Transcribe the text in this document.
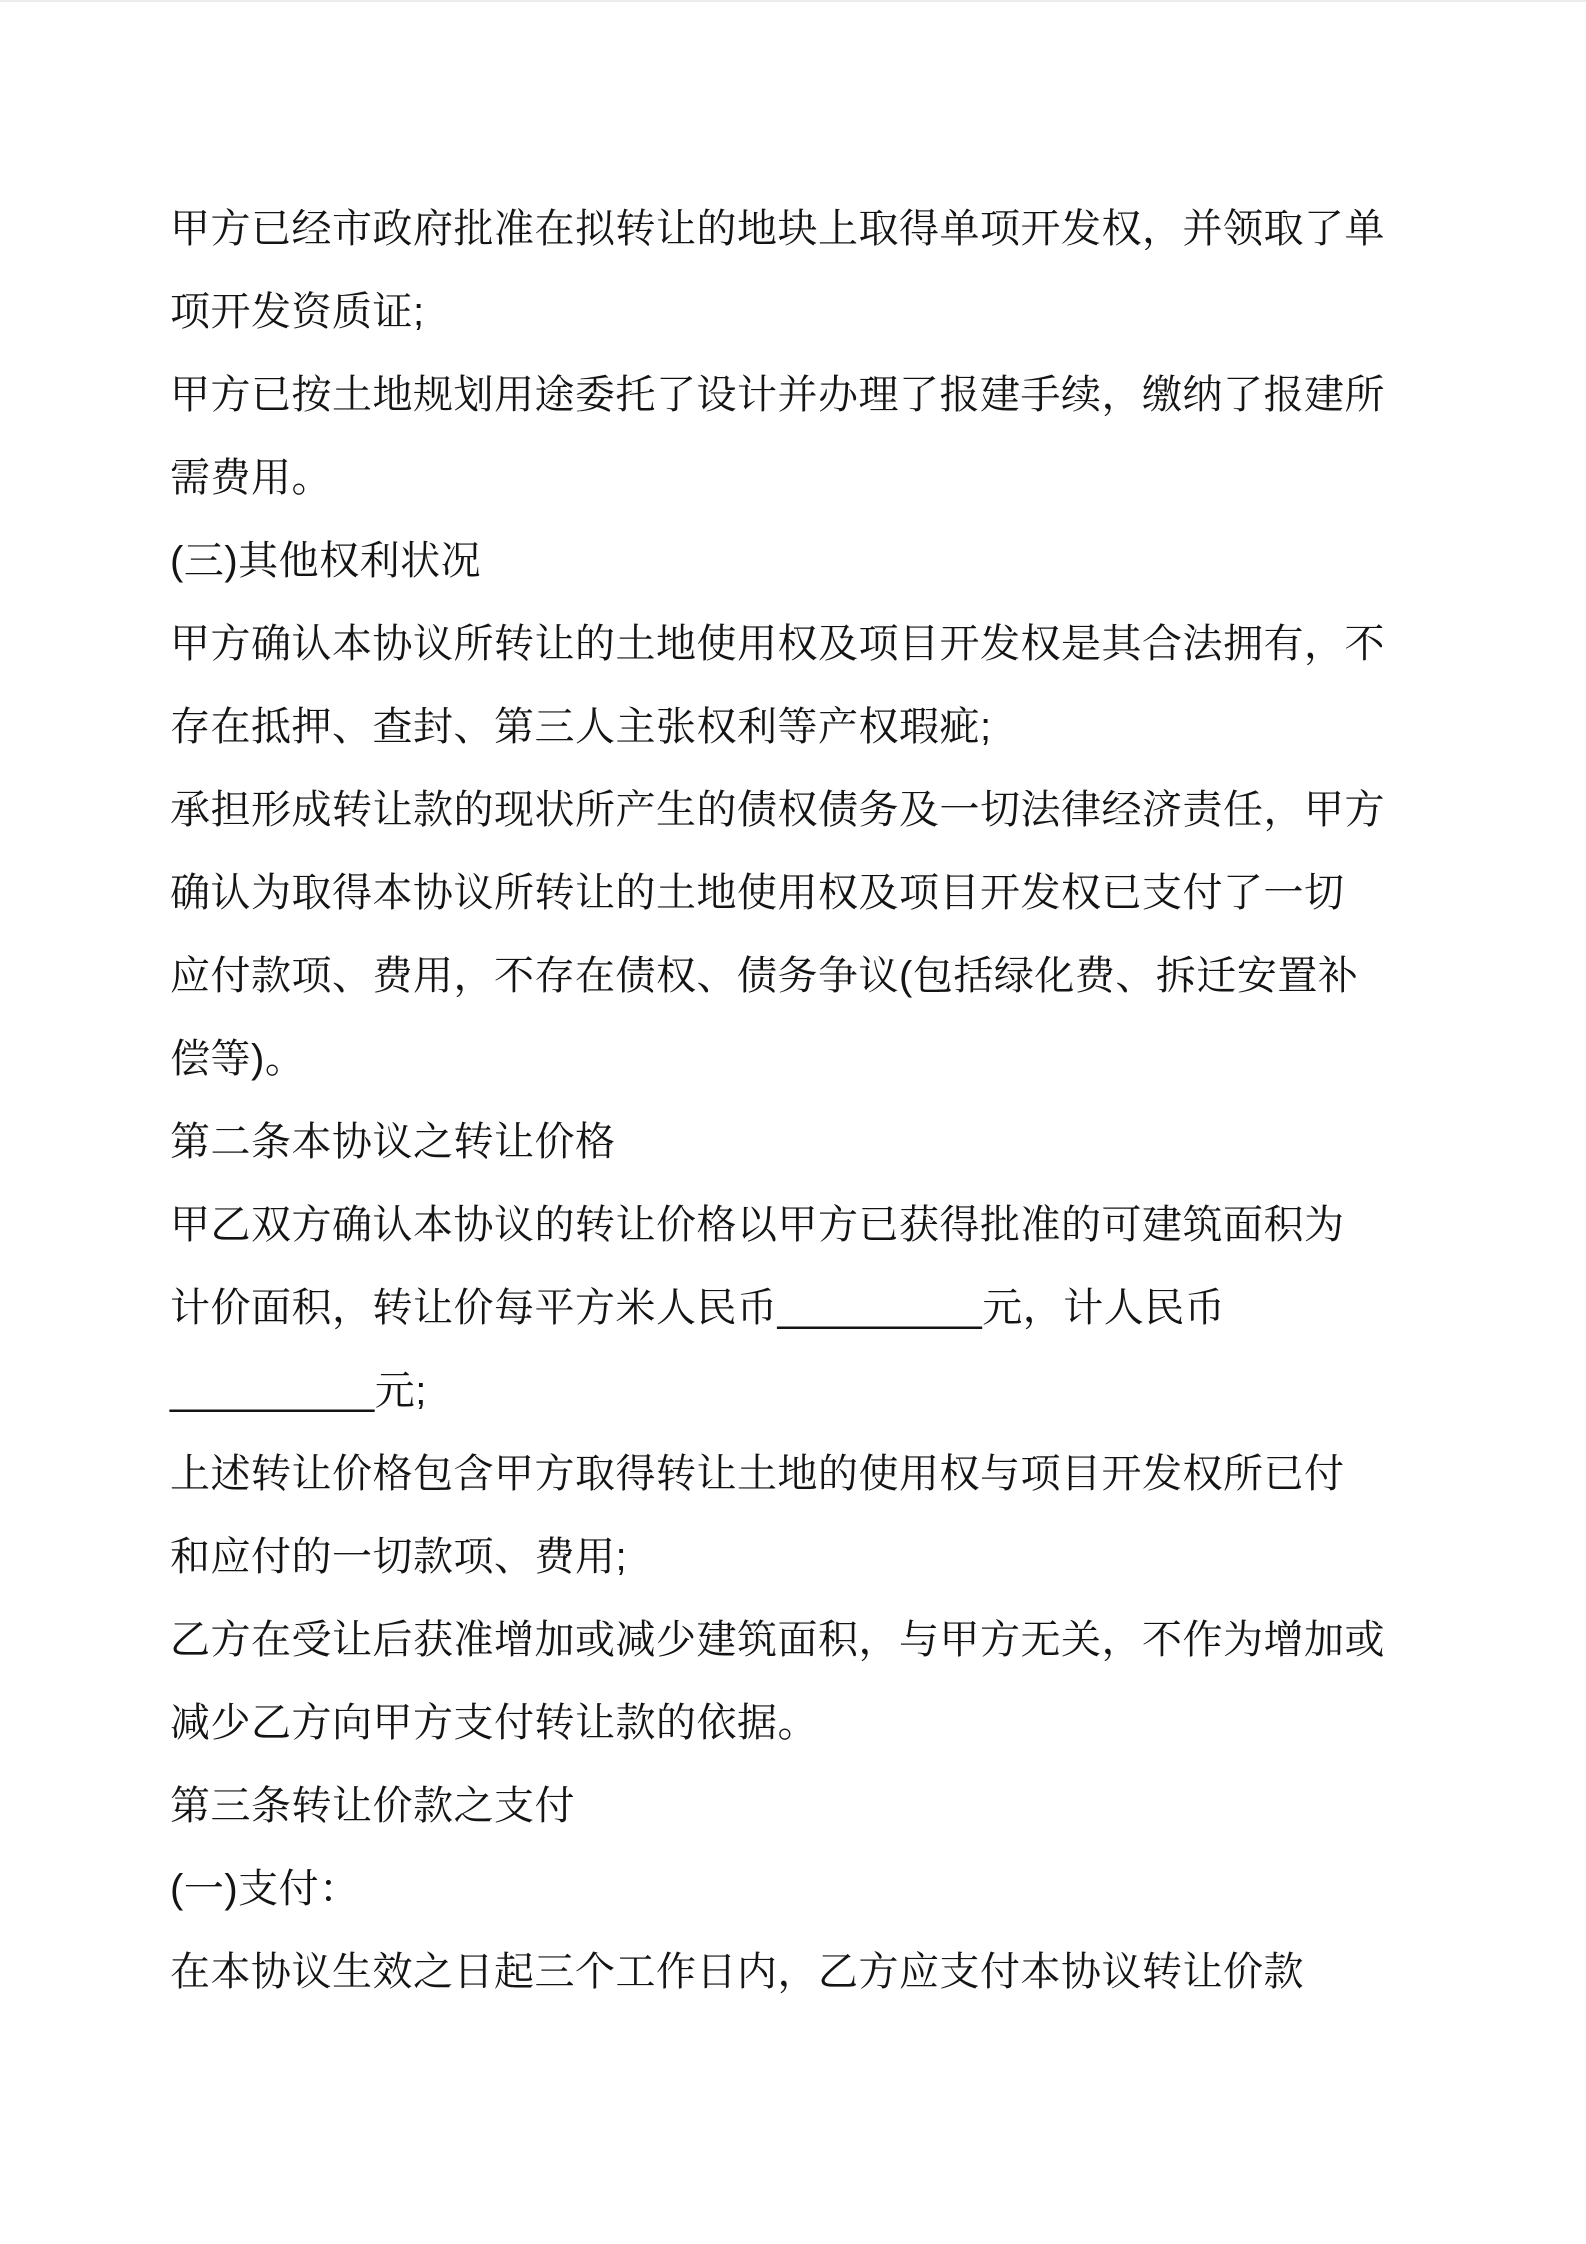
甲方已经市政府批准在拟转让的地块上取得单项开发权，并领取了单
项开发资质证;
甲方已按土地规划用途委托了设计并办理了报建手续，缴纳了报建所
需费用。
(三)其他权利状况
甲方确认本协议所转让的土地使用权及项目开发权是其合法拥有，不
存在抵押、查封、第三人主张权利等产权瑕疵;
承担形成转让款的现状所产生的债权债务及一切法律经济责任，甲方
确认为取得本协议所转让的土地使用权及项目开发权已支付了一切
应付款项、费用，不存在债权、债务争议(包括绿化费、拆迁安置补
偿等)。
第二条本协议之转让价格
甲乙双方确认本协议的转让价格以甲方已获得批准的可建筑面积为
计价面积，转让价每平方米人民币_________元，计人民币
_________元;
上述转让价格包含甲方取得转让土地的使用权与项目开发权所已付
和应付的一切款项、费用;
乙方在受让后获准增加或减少建筑面积，与甲方无关，不作为增加或
减少乙方向甲方支付转让款的依据。
第三条转让价款之支付
(一)支付：
在本协议生效之日起三个工作日内，乙方应支付本协议转让价款
